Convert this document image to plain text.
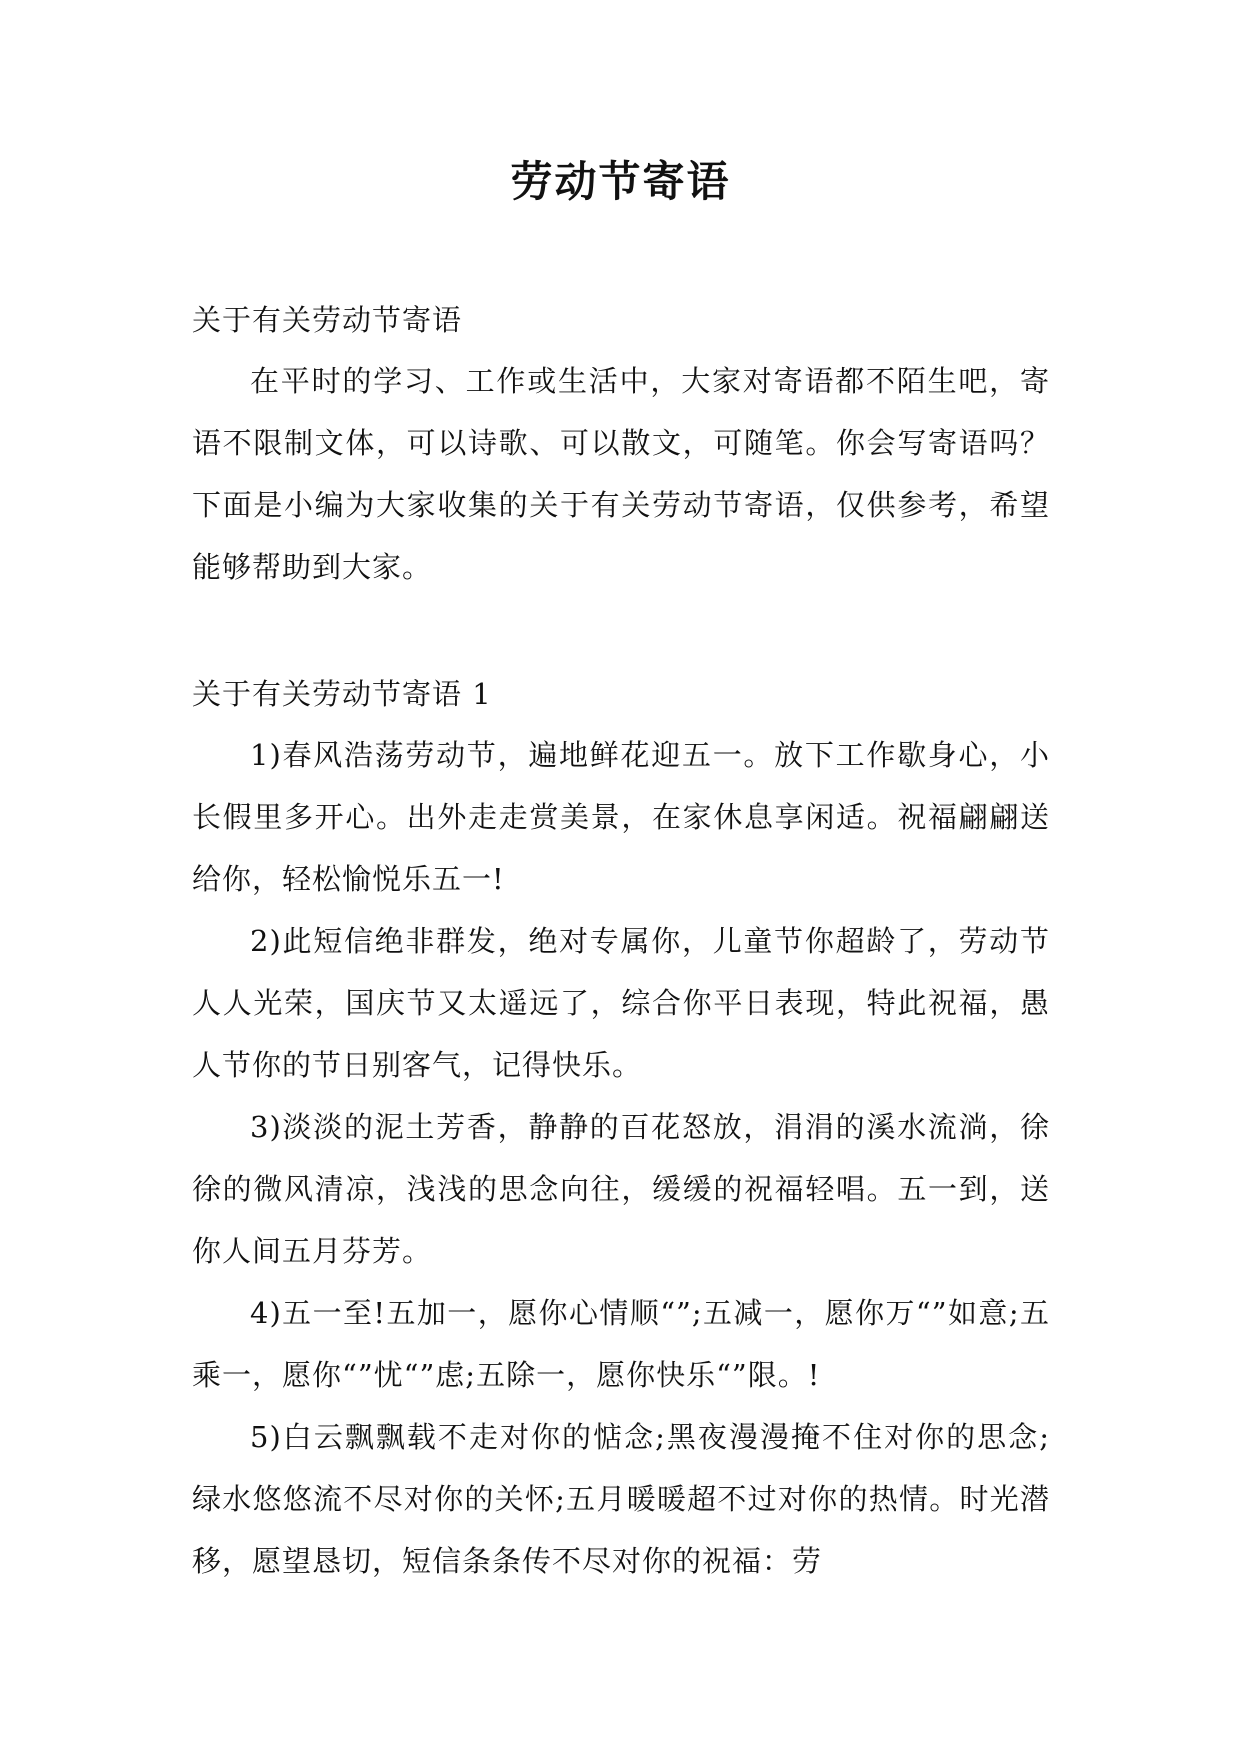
劳动节寄语

关于有关劳动节寄语

在平时的学习、工作或生活中，大家对寄语都不陌生吧，寄语不限制文体，可以诗歌、可以散文，可随笔。你会写寄语吗？下面是小编为大家收集的关于有关劳动节寄语，仅供参考，希望能够帮助到大家。

关于有关劳动节寄语 1

1)春风浩荡劳动节，遍地鲜花迎五一。放下工作歇身心，小长假里多开心。出外走走赏美景，在家休息享闲适。祝福翩翩送给你，轻松愉悦乐五一!

2)此短信绝非群发，绝对专属你，儿童节你超龄了，劳动节人人光荣，国庆节又太遥远了，综合你平日表现，特此祝福，愚人节你的节日别客气，记得快乐。

3)淡淡的泥土芳香，静静的百花怒放，涓涓的溪水流淌，徐徐的微风清凉，浅浅的思念向往，缓缓的祝福轻唱。五一到，送你人间五月芬芳。

4)五一至!五加一，愿你心情顺“”;五减一，愿你万“”如意;五乘一，愿你“”忧“”虑;五除一，愿你快乐“”限。!

5)白云飘飘载不走对你的惦念;黑夜漫漫掩不住对你的思念;绿水悠悠流不尽对你的关怀;五月暖暖超不过对你的热情。时光潜移，愿望恳切，短信条条传不尽对你的祝福：劳
